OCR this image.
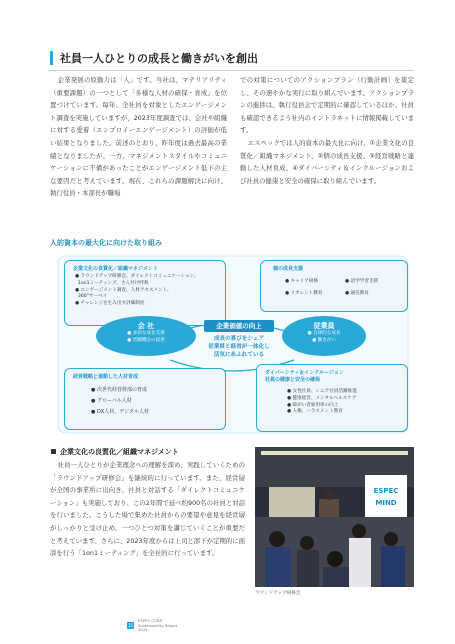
社員一人ひとりの成長と働きがいを創出

企業発展の原動力は「人」です。当社は、マテリアリティ（重要課題）の一つとして「多様な人材の確保・育成」を位置づけています。毎年、全社員を対象としたエンゲージメント調査を実施していますが、2023年度調査では、会社や組織に対する愛着（エンプロイーエンゲージメント）の評価が低い結果となりました。前述のとおり、昨年度は過去最高の業績となりましたが、一方、マネジメントスタイルやコミュニケーションに不備があったことがエンゲージメント低下の主な要因だと考えています。現在、これらの課題解決に向け、執行役員・本部長が職場

での対策についてのアクションプラン（行動計画）を策定し、その速やかな実行に取り組んでいます。アクションプランの進捗は、執行役員会で定期的に確認しているほか、社員も確認できるよう社内のイントラネットに情報掲載しています。

エスペックでは人的資本の最大化に向け、①企業文化の良質化／組織マネジメント、②個の成長支援、③経営戦略と連動した人材育成、④ダイバーシティ＆インクルージョンおよび社員の健康と安全の確保に取り組んでいます。

人的資本の最大化に向けた取り組み
企業文化の良質化／組織マネジメント
● ラウンドアップ研修会、ダイレクトコミュニケーション、
1on1ミーティング、さん付け呼称
● エンゲージメント調査、人材アセスメント、
360°サーベイ
● チャレンジを生み出す評価制度
個の成長支援
● キャリア研修	● 語学学習支援
● リカレント教育	● 通信教育
会 社
● 多彩な成長支援
● 活躍機会の提供
従業員
● 自律的な成長
● 働きがい
企業価値の向上
成長の喜びをシェア
従業員と経営が一体化し
活気にあふれている
経営戦略と連動した人材育成
● 次世代経営幹部の育成
● グローバル人材
● DX人材、デジタル人材
ダイバーシティ＆インクルージョン
社員の健康と安全の確保
● 女性社員、シニア社員活躍推進
● 健康経営、メンタルヘルスケア
● 障がい者雇用率の向上
● 人権、ハラスメント教育
企業文化の良質化／組織マネジメント

社員一人ひとりが企業理念への理解を深め、実践していくための「ラウンドアップ研修会」を継続的に行っています。また、経営層が全国の事業所に出向き、社員と対話する「ダイレクトコミュニケーション」も実施しており、この2年間で延べ約900名の社員と対話を行いました。こうした場で集めた社員からの要望や意見を経営層がしっかりと受け止め、一つひとつ対策を講じていくことが重要だと考えています。さらに、2023年度からは上司と部下が定期的に面談を行う「1on1ミーティング」を全社的に行っています。

ESPEC
MIND
ラウンドアップ研修会
15
ESPEC CORP.
Sustainability Report
2024
